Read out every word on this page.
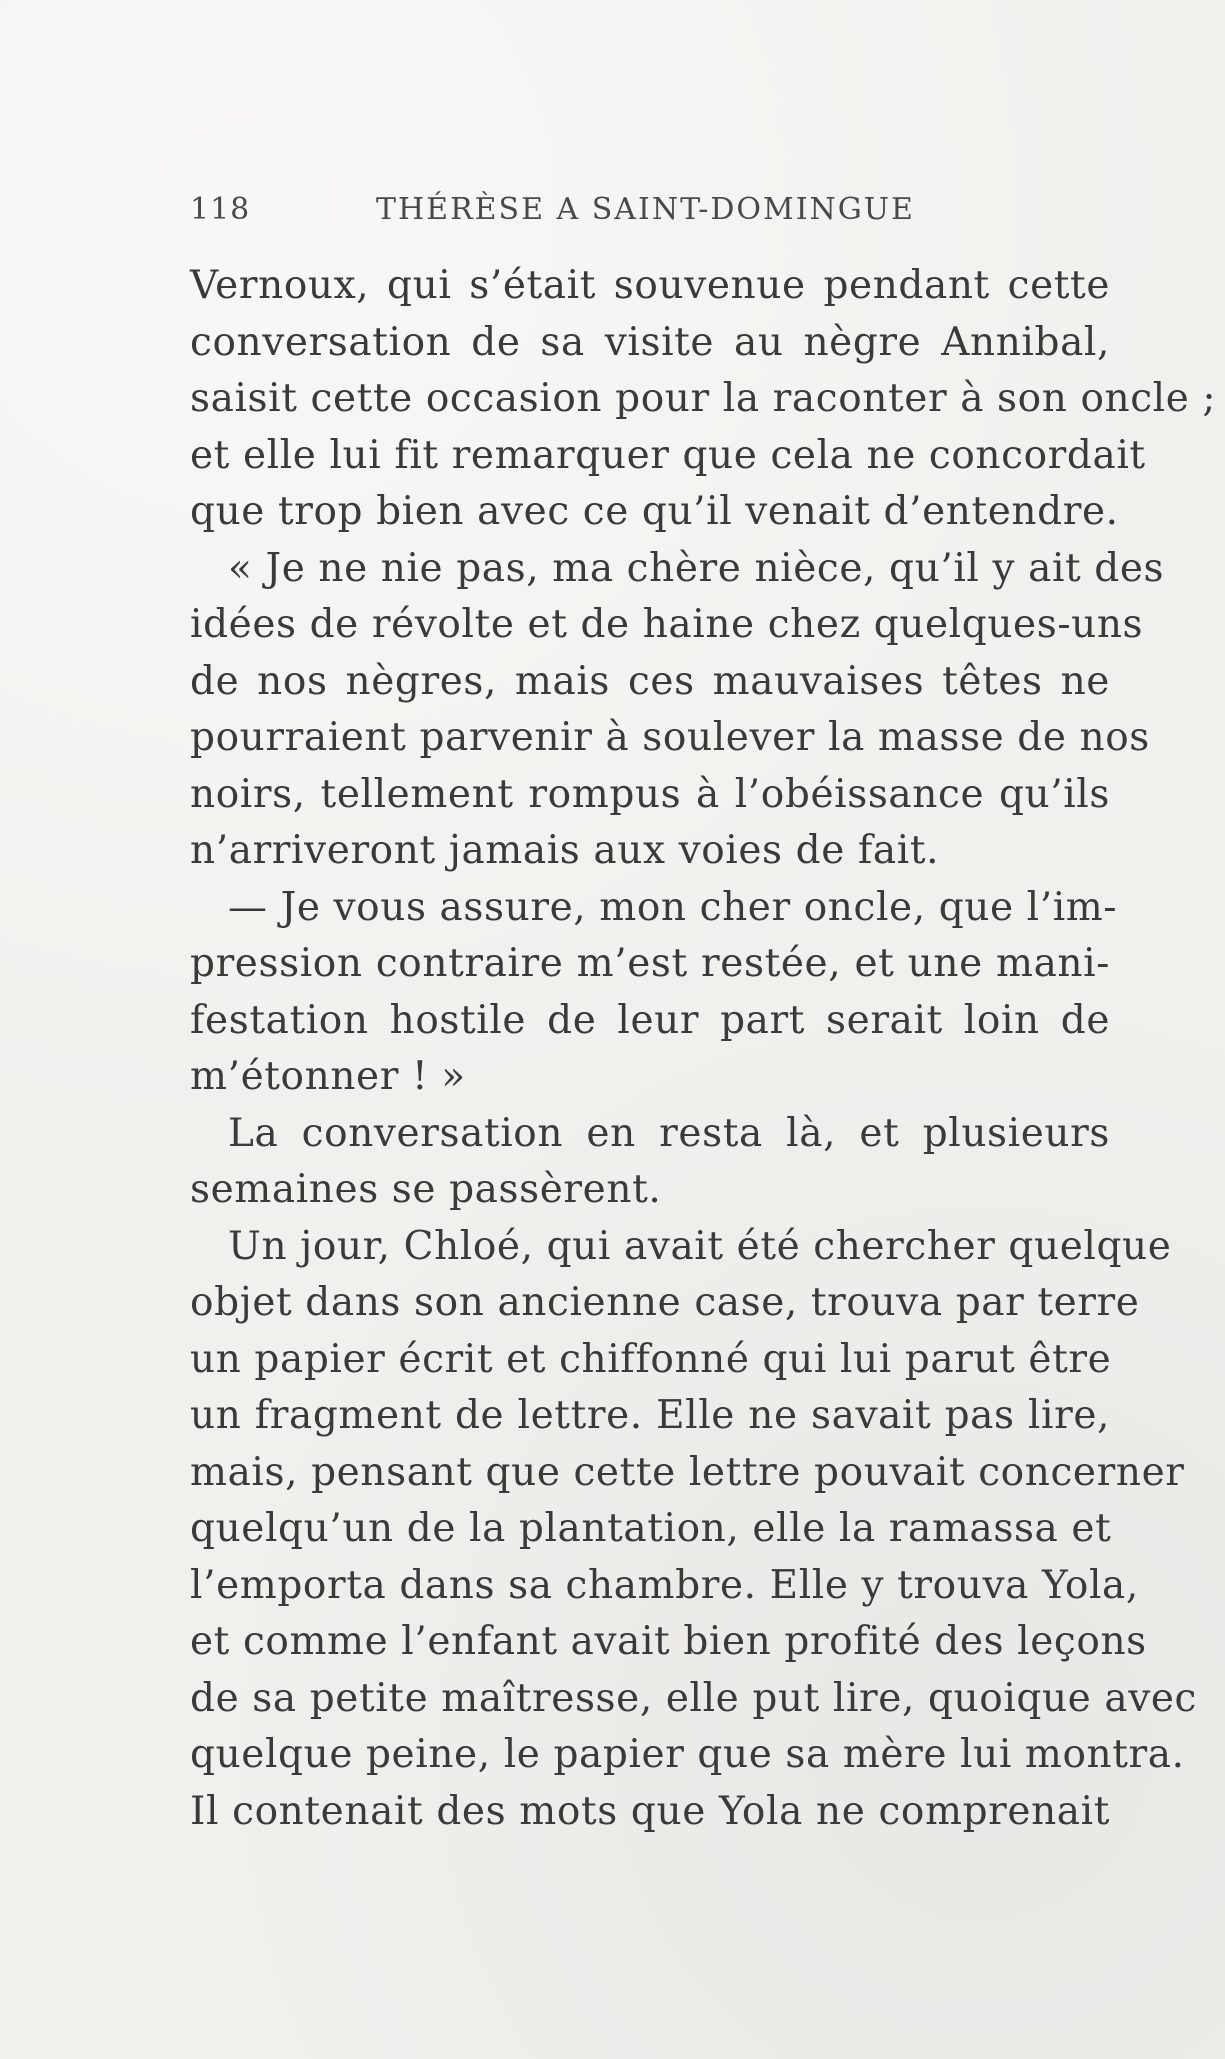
118	THÉRÈSE A SAINT-DOMINGUE
Vernoux, qui s’était souvenue pendant cette
conversation de sa visite au nègre Annibal,
saisit cette occasion pour la raconter à son oncle ;
et elle lui fit remarquer que cela ne concordait
que trop bien avec ce qu’il venait d’entendre.
« Je ne nie pas, ma chère nièce, qu’il y ait des
idées de révolte et de haine chez quelques-uns
de nos nègres, mais ces mauvaises têtes ne
pourraient parvenir à soulever la masse de nos
noirs, tellement rompus à l’obéissance qu’ils
n’arriveront jamais aux voies de fait.
— Je vous assure, mon cher oncle, que l’im-
pression contraire m’est restée, et une mani-
festation hostile de leur part serait loin de
m’étonner ! »
La conversation en resta là, et plusieurs
semaines se passèrent.
Un jour, Chloé, qui avait été chercher quelque
objet dans son ancienne case, trouva par terre
un papier écrit et chiffonné qui lui parut être
un fragment de lettre. Elle ne savait pas lire,
mais, pensant que cette lettre pouvait concerner
quelqu’un de la plantation, elle la ramassa et
l’emporta dans sa chambre. Elle y trouva Yola,
et comme l’enfant avait bien profité des leçons
de sa petite maîtresse, elle put lire, quoique avec
quelque peine, le papier que sa mère lui montra.
Il contenait des mots que Yola ne comprenait
